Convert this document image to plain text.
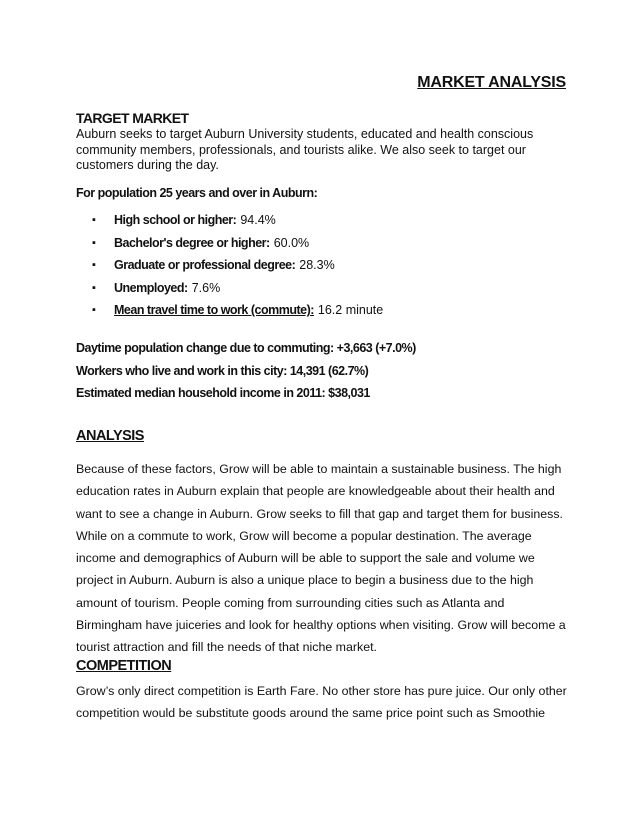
MARKET ANALYSIS
TARGET MARKET
Auburn seeks to target Auburn University students, educated and health conscious community members, professionals, and tourists alike. We also seek to target our customers during the day.
For population 25 years and over in Auburn:
▪	High school or higher: 94.4%
▪	Bachelor's degree or higher: 60.0%
▪	Graduate or professional degree: 28.3%
▪	Unemployed: 7.6%
▪	Mean travel time to work (commute): 16.2 minute
Daytime population change due to commuting: +3,663 (+7.0%)
Workers who live and work in this city: 14,391 (62.7%)
Estimated median household income in 2011: $38,031
ANALYSIS
Because of these factors, Grow will be able to maintain a sustainable business. The high education rates in Auburn explain that people are knowledgeable about their health and want to see a change in Auburn. Grow seeks to fill that gap and target them for business. While on a commute to work, Grow will become a popular destination. The average income and demographics of Auburn will be able to support the sale and volume we project in Auburn. Auburn is also a unique place to begin a business due to the high amount of tourism. People coming from surrounding cities such as Atlanta and Birmingham have juiceries and look for healthy options when visiting. Grow will become a tourist attraction and fill the needs of that niche market.
COMPETITION
Grow’s only direct competition is Earth Fare. No other store has pure juice. Our only other competition would be substitute goods around the same price point such as Smoothie
